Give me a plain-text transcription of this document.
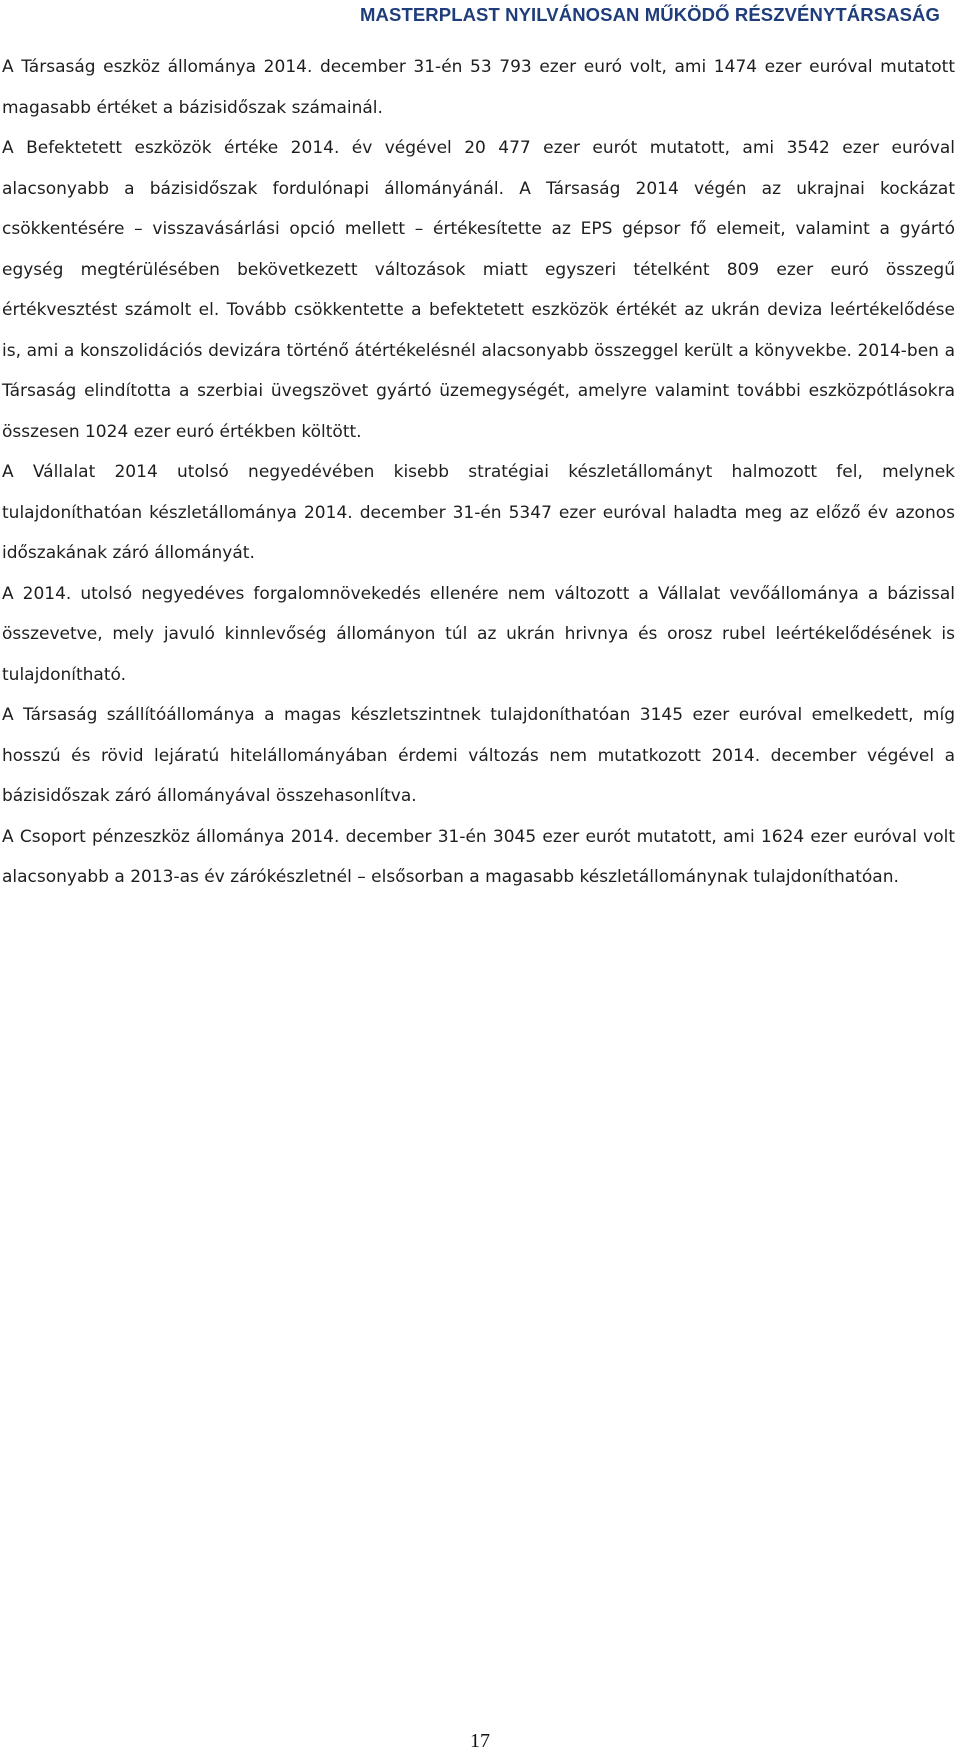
MASTERPLAST NYILVÁNOSAN MŰKÖDŐ RÉSZVÉNYTÁRSASÁG

A Társaság eszköz állománya 2014. december 31-én 53 793 ezer euró volt, ami 1474 ezer euróval mutatott magasabb értéket a bázisidőszak számainál.

A Befektetett eszközök értéke 2014. év végével 20 477 ezer eurót mutatott, ami 3542 ezer euróval alacsonyabb a bázisidőszak fordulónapi állományánál. A Társaság 2014 végén az ukrajnai kockázat csökkentésére – visszavásárlási opció mellett – értékesítette az EPS gépsor fő elemeit, valamint a gyártó egység megtérülésében bekövetkezett változások miatt egyszeri tételként 809 ezer euró összegű értékvesztést számolt el. Tovább csökkentette a befektetett eszközök értékét az ukrán deviza leértékelődése is, ami a konszolidációs devizára történő átértékelésnél alacsonyabb összeggel került a könyvekbe. 2014-ben a Társaság elindította a szerbiai üvegszövet gyártó üzemegységét, amelyre valamint további eszközpótlásokra összesen 1024 ezer euró értékben költött.

A Vállalat 2014 utolsó negyedévében kisebb stratégiai készletállományt halmozott fel, melynek tulajdoníthatóan készletállománya 2014. december 31-én 5347 ezer euróval haladta meg az előző év azonos időszakának záró állományát.

A 2014. utolsó negyedéves forgalomnövekedés ellenére nem változott a Vállalat vevőállománya a bázissal összevetve, mely javuló kinnlevőség állományon túl az ukrán hrivnya és orosz rubel leértékelődésének is tulajdonítható.

A Társaság szállítóállománya a magas készletszintnek tulajdoníthatóan 3145 ezer euróval emelkedett, míg hosszú és rövid lejáratú hitelállományában érdemi változás nem mutatkozott 2014. december végével a bázisidőszak záró állományával összehasonlítva.

A Csoport pénzeszköz állománya 2014. december 31-én 3045 ezer eurót mutatott, ami 1624 ezer euróval volt alacsonyabb a 2013-as év zárókészletnél – elsősorban a magasabb készletállománynak tulajdoníthatóan.

17
